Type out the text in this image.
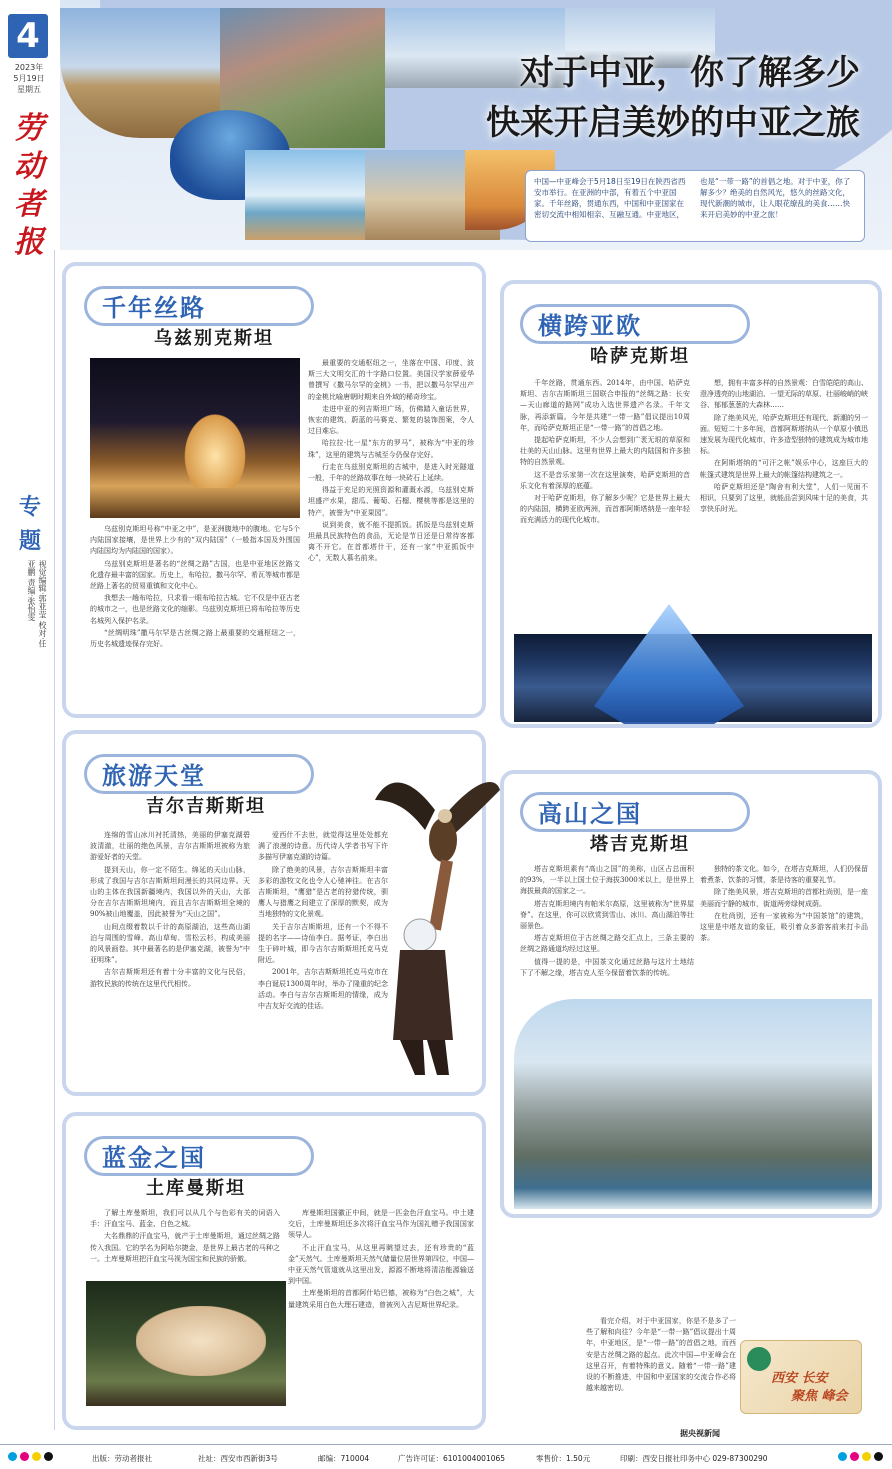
4
2023年
5月19日
星期五
劳动者报
专题
视觉编辑·郭亚莹 校对·任亚鹏 责编·张怡雯
对于中亚，你了解多少
快来开启美妙的中亚之旅
中国—中亚峰会于5月18日至19日在陕西省西安市举行。在亚洲的中部，有着五个中亚国家。千年丝路，贯通东西，中国和中亚国家在密切交流中相知相亲、互融互通。中亚地区，也是“一带一路”的首倡之地。对于中亚，你了解多少？绝美的自然风光，悠久的丝路文化，现代新潮的城市，让人眼花缭乱的美食……快来开启美妙的中亚之旅！
千年丝路
乌兹别克斯坦

乌兹别克斯坦号称“中亚之中”，是亚洲腹地中的腹地。它与5个内陆国家接壤，是世界上少有的“双内陆国”（一般指本国及外围国内陆国均为内陆国的国家）。

乌兹别克斯坦是著名的“丝绸之路”古国，也是中亚地区丝路文化遗存最丰富的国家。历史上，布哈拉、撒马尔罕、希瓦等城市都是丝路上著名的贸易重镇和文化中心。

我想去一趟布哈拉，只求看一眼布哈拉古城。它不仅是中亚古老的城市之一，也是丝路文化的缩影。乌兹别克斯坦已将布哈拉等历史名城列入保护名录。

“丝绸明珠”撒马尔罕是古丝绸之路上最重要的交通枢纽之一，历史名城遗迹保存完好。

最重要的交通枢纽之一，坐落在中国、印度、波斯三大文明交汇的十字路口位置。美国汉学家薛爱华曾撰写《撒马尔罕的金桃》一书，把以撒马尔罕出产的金桃比喻唐朝时期来自外域的稀奇珍宝。

走进中亚的列吉斯坦广场，仿佛踏入童话世界，恢宏的建筑、蔚蓝的马赛克、繁复的装饰图案，令人过目难忘。

哈拉拉·比一星“东方的罗马”，被称为“中亚的珍珠”，这里的建筑与古城至今仍保存完好。

行走在乌兹别克斯坦的古城中，是进入时光隧道一般，千年的丝路故事在每一块砖石上延续。

得益于充足的光照资源和灌溉水源，乌兹别克斯坦盛产水果，甜瓜、葡萄、石榴、樱桃等都是这里的特产，被誉为“中亚果园”。

说到美食，就不能不提抓饭。抓饭是乌兹别克斯坦最具民族特色的食品，无论是节日还是日常待客都离不开它。在首都塔什干，还有一家“中亚抓饭中心”，无数人慕名前来。

横跨亚欧
哈萨克斯坦

千年丝路，贯通东西。2014年，由中国、哈萨克斯坦、吉尔吉斯斯坦三国联合申报的“丝绸之路：长安—天山廊道的路网”成功入选世界遗产名录。千年文脉，再添新篇。今年是共建“一带一路”倡议提出10周年，而哈萨克斯坦正是“一带一路”的首倡之地。

提起哈萨克斯坦，不少人会想到广袤无垠的草原和壮美的天山山脉。这里有世界上最大的内陆国和许多独特的自然景观。

这不是音乐家第一次在这里演奏，哈萨克斯坦的音乐文化有着深厚的底蕴。

对于哈萨克斯坦，你了解多少呢？它是世界上最大的内陆国，横跨亚欧两洲，而首都阿斯塔纳是一座年轻而充满活力的现代化城市。

想，拥有丰富多样的自然景观：白雪皑皑的高山、澄净透亮的山地湖泊、一望无际的草原、壮丽峻峭的峡谷、郁郁葱葱的大森林……

除了绝美风光，哈萨克斯坦还有现代、新潮的另一面。短短二十多年间，首都阿斯塔纳从一个草原小镇迅速发展为现代化城市，许多造型独特的建筑成为城市地标。

在阿斯塔纳的“可汗之帐”娱乐中心，这座巨大的帐篷式建筑是世界上最大的帐篷结构建筑之一。

哈萨克斯坦还是“陶舍有利大堂”，人们一见面不相识，只要到了这里，就能品尝到风味十足的美食，共享快乐时光。

旅游天堂
吉尔吉斯斯坦

连绵的雪山冰川衬托清热，美丽的伊塞克湖碧波清澈，壮丽的绝色风景，吉尔吉斯斯坦被称为旅游爱好者的天堂。

提到天山，你一定不陌生。绵延的天山山脉，形成了我国与吉尔吉斯斯坦间漫长的共同边界。天山的主体在我国新疆境内，我国以外的天山，大部分在吉尔吉斯斯坦境内，而且吉尔吉斯斯坦全境的90%被山地覆盖，因此被誉为“天山之国”。

山间点缀着数以千计的高原湖泊，这些高山湖泊与周围的雪峰、高山草甸、雪松云杉，构成美丽的风景画卷。其中最著名的是伊塞克湖，被誉为“中亚明珠”。

吉尔吉斯斯坦还有着十分丰富的文化与民俗，游牧民族的传统在这里代代相传。

爱西什不去世，就觉得这里处处都充满了浪漫的诗意。历代诗人学者书写下许多描写伊塞克湖的诗篇。

除了绝美的风景，吉尔吉斯斯坦丰富多彩的游牧文化也令人心驰神往。在吉尔吉斯斯坦，“鹰猎”是古老的狩猎传统，驯鹰人与猎鹰之间建立了深厚的默契，成为当地独特的文化景观。

关于吉尔吉斯斯坦，还有一个不得不提的名字——诗仙李白。据考证，李白出生于碎叶城，即今吉尔吉斯斯坦托克马克附近。

2001年，吉尔吉斯斯坦托克马克市在李白诞辰1300周年时，举办了隆重的纪念活动。李白与吉尔吉斯斯坦的情缘，成为中吉友好交流的佳话。

高山之国
塔吉克斯坦

塔吉克斯坦素有“高山之国”的美称，山区占总面积的93%，一半以上国土位于海拔3000米以上，是世界上海拔最高的国家之一。

塔吉克斯坦境内有帕米尔高原，这里被称为“世界屋脊”。在这里，你可以欣赏到雪山、冰川、高山湖泊等壮丽景色。

塔吉克斯坦位于古丝绸之路交汇点上，三条主要的丝绸之路通道均经过这里。

值得一提的是，中国茶文化通过丝路与这片土地结下了不解之缘，塔吉克人至今保留着饮茶的传统。

独特的茶文化。如今，在塔吉克斯坦，人们仍保留着煮茶、饮茶的习惯，茶是待客的重要礼节。

除了绝美风景，塔吉克斯坦的首都杜尚别，是一座美丽而宁静的城市，街道两旁绿树成荫。

在杜尚别，还有一家被称为“中国茶馆”的建筑，这里是中塔友谊的象征，吸引着众多游客前来打卡品茶。

蓝金之国
土库曼斯坦

了解土库曼斯坦，我们可以从几个与色彩有关的词语入手：汗血宝马、蓝金、白色之城。

大名鼎鼎的汗血宝马，就产于土库曼斯坦，通过丝绸之路传入我国。它的学名为阿哈尔捷金，是世界上最古老的马种之一。土库曼斯坦把汗血宝马视为国宝和民族的骄傲。

库曼斯坦国徽正中间，就是一匹金色汗血宝马。中土建交后，土库曼斯坦还多次将汗血宝马作为国礼赠予我国国家领导人。

不止汗血宝马，从这里再眺望过去，还有珍贵的“蓝金”天然气。土库曼斯坦天然气储量位居世界第四位，中国—中亚天然气管道就从这里出发，源源不断地将清洁能源输送到中国。

土库曼斯坦的首都阿什哈巴德，被称为“白色之城”，大量建筑采用白色大理石建造，曾被列入吉尼斯世界纪录。

看完介绍，对于中亚国家，你是不是多了一些了解和向往？今年是“一带一路”倡议提出十周年，中亚地区，是“一带一路”的首倡之地，而西安是古丝绸之路的起点。此次中国—中亚峰会在这里召开，有着特殊的意义。随着“一带一路”建设的不断推进，中国和中亚国家的交流合作必将越来越密切。

据央视新闻
西安 长安
聚焦 峰会
出版：劳动者报社	社址：西安市西新街3号	邮编：710004	广告许可证：6101004001065	零售价：1.50元	印刷：西安日报社印务中心 029-87300290
